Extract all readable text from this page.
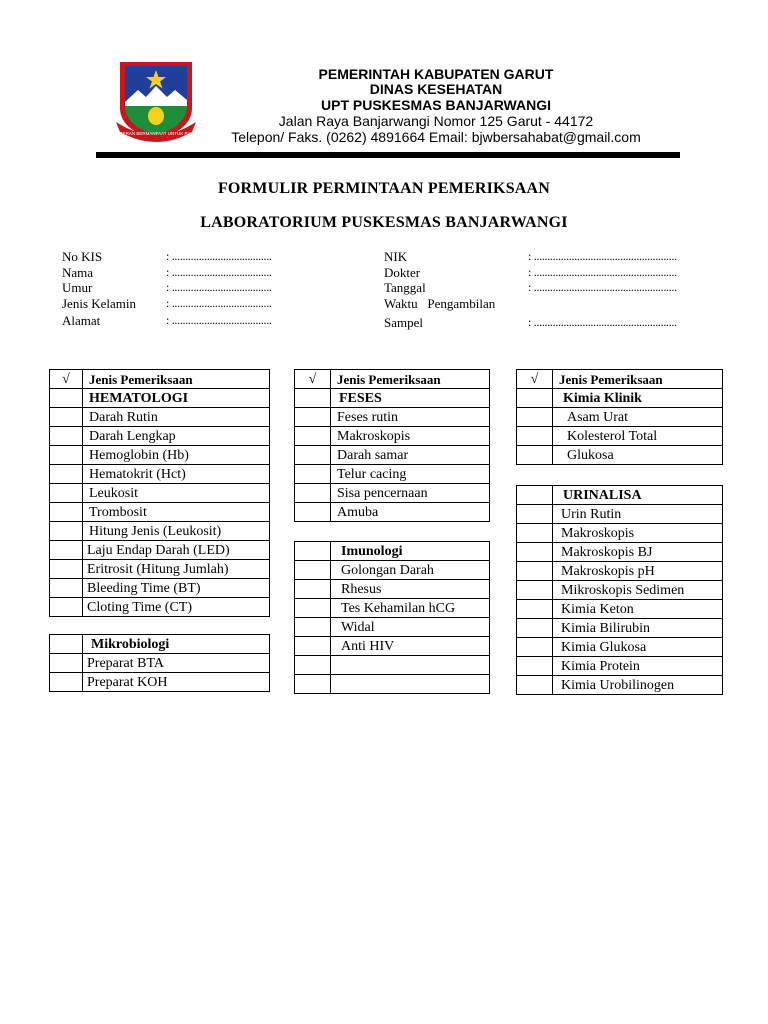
PANGERAN BERMANFAAT UNTUK RAKYAT
PEMERINTAH KABUPATEN GARUT
DINAS KESEHATAN
UPT PUSKESMAS BANJARWANGI
Jalan Raya Banjarwangi Nomor 125 Garut - 44172
Telepon/ Faks. (0262) 4891664 Email: bjwbersahabat@gmail.com
FORMULIR PERMINTAAN PEMERIKSAAN
LABORATORIUM PUSKESMAS BANJARWANGI
No KIS	: .....................................
Nama	: .....................................
Umur	: .....................................
Jenis Kelamin : .....................................
Alamat	: .....................................
NIK	: .....................................................
Dokter	: .....................................................
Tanggal	: .....................................................
Waktu   Pengambilan
Sampel	: .....................................................
√	Jenis Pemeriksaan
	HEMATOLOGI
	Darah Rutin
	Darah Lengkap
	Hemoglobin (Hb)
	Hematokrit (Hct)
	Leukosit
	Trombosit
	Hitung Jenis (Leukosit)
	Laju Endap Darah (LED)
	Eritrosit (Hitung Jumlah)
	Bleeding Time (BT)
	Cloting Time (CT)
	Mikrobiologi
	Preparat BTA
	Preparat KOH
√	Jenis Pemeriksaan
	FESES
	Feses rutin
	Makroskopis
	Darah samar
	Telur cacing
	Sisa pencernaan
	Amuba
	Imunologi
	Golongan Darah
	Rhesus
	Tes Kehamilan hCG
	Widal
	Anti HIV

√	Jenis Pemeriksaan
	Kimia Klinik
	Asam Urat
	Kolesterol Total
	Glukosa
	URINALISA
	Urin Rutin
	Makroskopis
	Makroskopis BJ
	Makroskopis pH
	Mikroskopis Sedimen
	Kimia Keton
	Kimia Bilirubin
	Kimia Glukosa
	Kimia Protein
	Kimia Urobilinogen
